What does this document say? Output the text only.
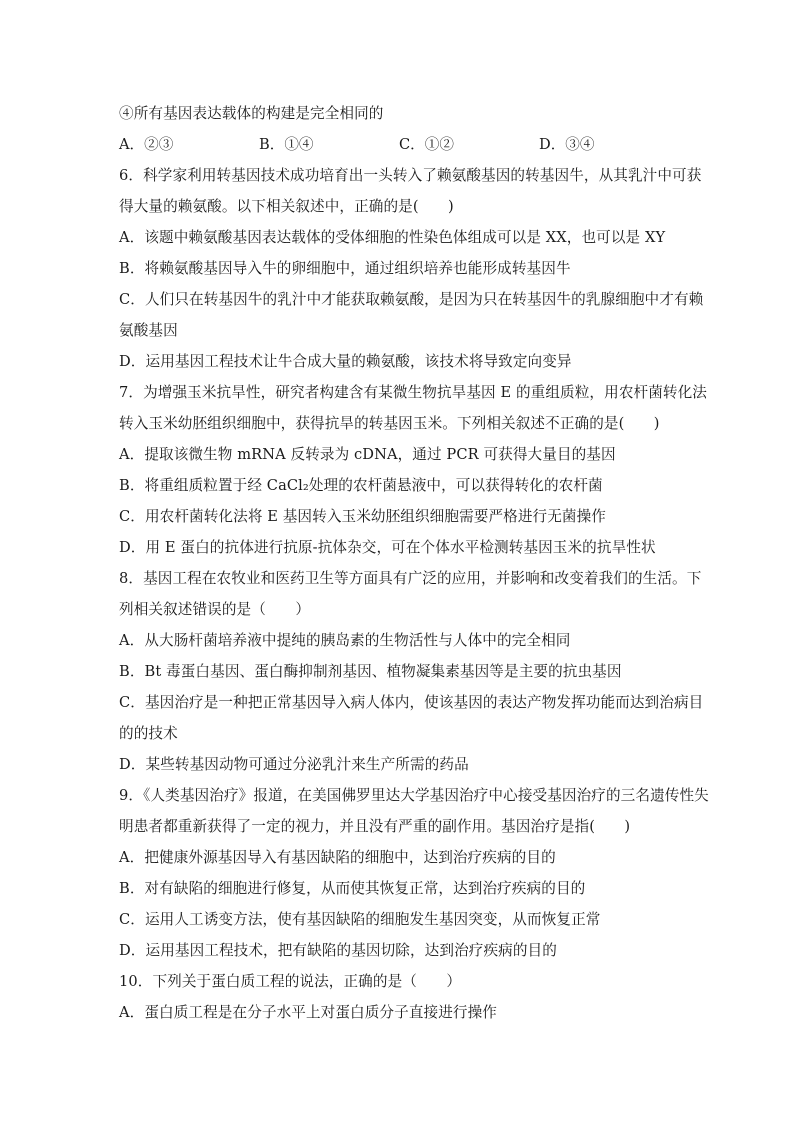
④所有基因表达载体的构建是完全相同的
A．②③	B．①④	C．①②	D．③④
6．科学家利用转基因技术成功培育出一头转入了赖氨酸基因的转基因牛，从其乳汁中可获
得大量的赖氨酸。以下相关叙述中，正确的是(　　)
A．该题中赖氨酸基因表达载体的受体细胞的性染色体组成可以是 XX，也可以是 XY
B．将赖氨酸基因导入牛的卵细胞中，通过组织培养也能形成转基因牛
C．人们只在转基因牛的乳汁中才能获取赖氨酸，是因为只在转基因牛的乳腺细胞中才有赖
氨酸基因
D．运用基因工程技术让牛合成大量的赖氨酸，该技术将导致定向变异
7．为增强玉米抗旱性，研究者构建含有某微生物抗旱基因 E 的重组质粒，用农杆菌转化法
转入玉米幼胚组织细胞中，获得抗旱的转基因玉米。下列相关叙述不正确的是(　　)
A．提取该微生物 mRNA 反转录为 cDNA，通过 PCR 可获得大量目的基因
B．将重组质粒置于经 CaCl₂处理的农杆菌悬液中，可以获得转化的农杆菌
C．用农杆菌转化法将 E 基因转入玉米幼胚组织细胞需要严格进行无菌操作
D．用 E 蛋白的抗体进行抗原-抗体杂交，可在个体水平检测转基因玉米的抗旱性状
8．基因工程在农牧业和医药卫生等方面具有广泛的应用，并影响和改变着我们的生活。下
列相关叙述错误的是（　　）
A．从大肠杆菌培养液中提纯的胰岛素的生物活性与人体中的完全相同
B．Bt 毒蛋白基因、蛋白酶抑制剂基因、植物凝集素基因等是主要的抗虫基因
C．基因治疗是一种把正常基因导入病人体内，使该基因的表达产物发挥功能而达到治病目
的的技术
D．某些转基因动物可通过分泌乳汁来生产所需的药品
9．《人类基因治疗》报道，在美国佛罗里达大学基因治疗中心接受基因治疗的三名遗传性失
明患者都重新获得了一定的视力，并且没有严重的副作用。基因治疗是指(　　)
A．把健康外源基因导入有基因缺陷的细胞中，达到治疗疾病的目的
B．对有缺陷的细胞进行修复，从而使其恢复正常，达到治疗疾病的目的
C．运用人工诱变方法，使有基因缺陷的细胞发生基因突变，从而恢复正常
D．运用基因工程技术，把有缺陷的基因切除，达到治疗疾病的目的
10．下列关于蛋白质工程的说法，正确的是（　　）
A．蛋白质工程是在分子水平上对蛋白质分子直接进行操作
